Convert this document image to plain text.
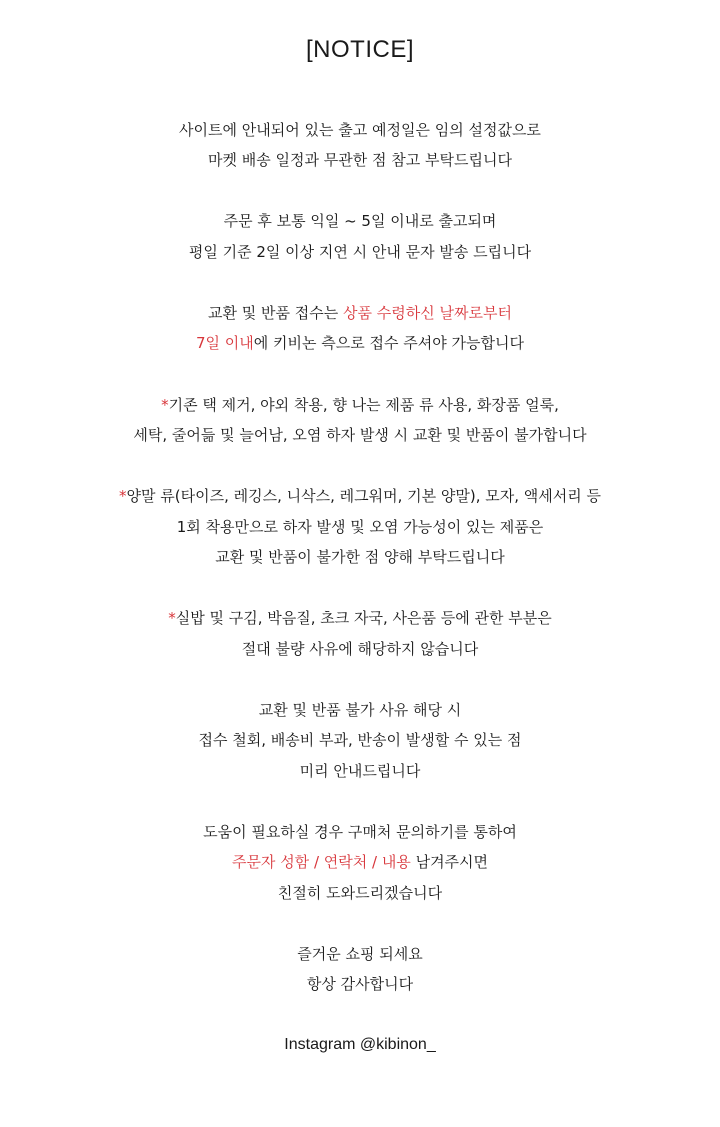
[NOTICE]
사이트에 안내되어 있는 출고 예정일은 임의 설정값으로
마켓 배송 일정과 무관한 점 참고 부탁드립니다
주문 후 보통 익일 ~ 5일 이내로 출고되며
평일 기준 2일 이상 지연 시 안내 문자 발송 드립니다
교환 및 반품 접수는 상품 수령하신 날짜로부터
7일 이내에 키비논 측으로 접수 주셔야 가능합니다
*기존 택 제거, 야외 착용, 향 나는 제품 류 사용, 화장품 얼룩,
세탁, 줄어듦 및 늘어남, 오염 하자 발생 시 교환 및 반품이 불가합니다
*양말 류(타이즈, 레깅스, 니삭스, 레그워머, 기본 양말), 모자, 액세서리 등
1회 착용만으로 하자 발생 및 오염 가능성이 있는 제품은
교환 및 반품이 불가한 점 양해 부탁드립니다
*실밥 및 구김, 박음질, 초크 자국, 사은품 등에 관한 부분은
절대 불량 사유에 해당하지 않습니다
교환 및 반품 불가 사유 해당 시
접수 철회, 배송비 부과, 반송이 발생할 수 있는 점
미리 안내드립니다
도움이 필요하실 경우 구매처 문의하기를 통하여
주문자 성함 / 연락처 / 내용 남겨주시면
친절히 도와드리겠습니다
즐거운 쇼핑 되세요
항상 감사합니다
Instagram @kibinon_
